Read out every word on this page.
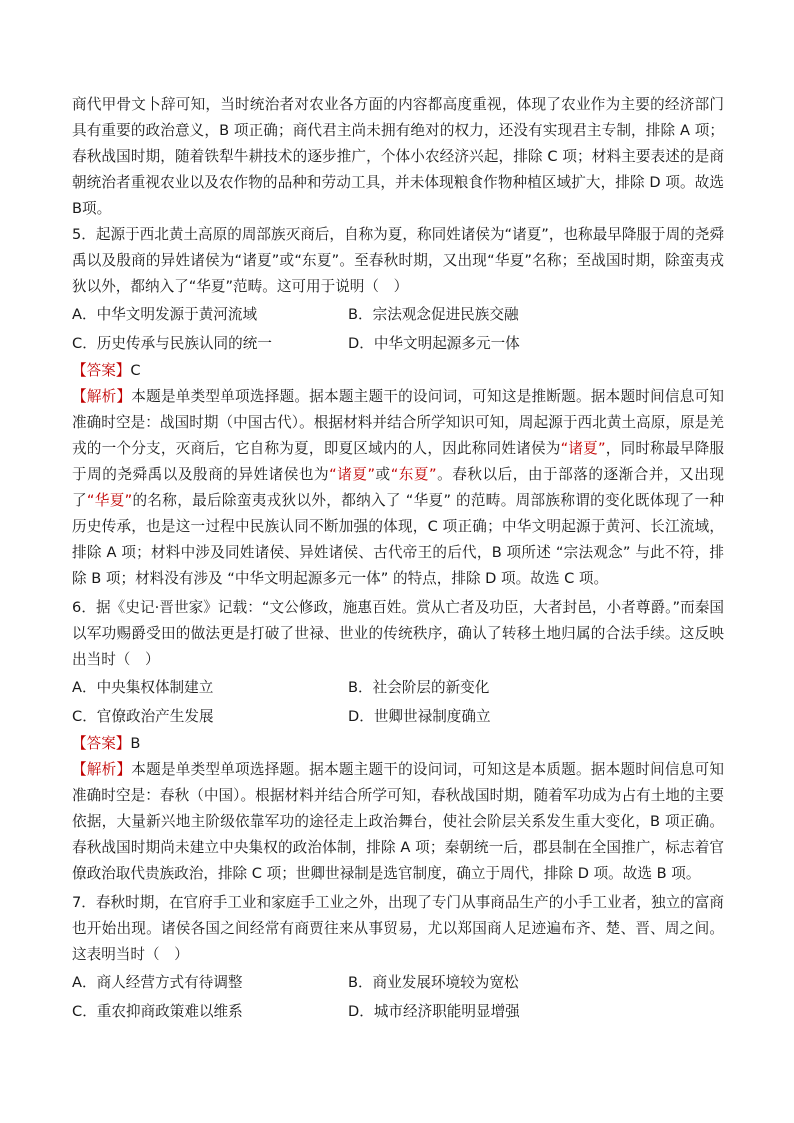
商代甲骨文卜辞可知，当时统治者对农业各方面的内容都高度重视，体现了农业作为主要的经济部门具有重要的政治意义，B 项正确；商代君主尚未拥有绝对的权力，还没有实现君主专制，排除 A 项；春秋战国时期，随着铁犁牛耕技术的逐步推广，个体小农经济兴起，排除 C 项；材料主要表述的是商朝统治者重视农业以及农作物的品种和劳动工具，并未体现粮食作物种植区域扩大，排除 D 项。故选B项。

5．起源于西北黄土高原的周部族灭商后，自称为夏，称同姓诸侯为“诸夏”，也称最早降服于周的尧舜禹以及殷商的异姓诸侯为“诸夏”或“东夏”。至春秋时期，又出现“华夏”名称；至战国时期，除蛮夷戎狄以外，都纳入了“华夏”范畴。这可用于说明（　）

A．中华文明发源于黄河流域	B．宗法观念促进民族交融
C．历史传承与民族认同的统一	D．中华文明起源多元一体

【答案】C

【解析】本题是单类型单项选择题。据本题主题干的设问词，可知这是推断题。据本题时间信息可知准确时空是：战国时期（中国古代）。根据材料并结合所学知识可知，周起源于西北黄土高原，原是羌戎的一个分支，灭商后，它自称为夏，即夏区域内的人，因此称同姓诸侯为“诸夏”，同时称最早降服于周的尧舜禹以及殷商的异姓诸侯也为“诸夏”或“东夏”。春秋以后，由于部落的逐渐合并，又出现了“华夏”的名称，最后除蛮夷戎狄以外，都纳入了 “华夏” 的范畴。周部族称谓的变化既体现了一种历史传承，也是这一过程中民族认同不断加强的体现，C 项正确；中华文明起源于黄河、长江流域，排除 A 项；材料中涉及同姓诸侯、异姓诸侯、古代帝王的后代，B 项所述 “宗法观念” 与此不符，排除 B 项；材料没有涉及 “中华文明起源多元一体” 的特点，排除 D 项。故选 C 项。

6．据《史记·晋世家》记载：“文公修政，施惠百姓。赏从亡者及功臣，大者封邑，小者尊爵。”而秦国以军功赐爵受田的做法更是打破了世禄、世业的传统秩序，确认了转移土地归属的合法手续。这反映出当时（　）

A．中央集权体制建立	B．社会阶层的新变化
C．官僚政治产生发展	D．世卿世禄制度确立

【答案】B

【解析】本题是单类型单项选择题。据本题主题干的设问词，可知这是本质题。据本题时间信息可知准确时空是：春秋（中国）。根据材料并结合所学可知，春秋战国时期，随着军功成为占有土地的主要依据，大量新兴地主阶级依靠军功的途径走上政治舞台，使社会阶层关系发生重大变化，B 项正确。春秋战国时期尚未建立中央集权的政治体制，排除 A 项；秦朝统一后，郡县制在全国推广，标志着官僚政治取代贵族政治，排除 C 项；世卿世禄制是选官制度，确立于周代，排除 D 项。故选 B 项。

7．春秋时期，在官府手工业和家庭手工业之外，出现了专门从事商品生产的小手工业者，独立的富商也开始出现。诸侯各国之间经常有商贾往来从事贸易，尤以郑国商人足迹遍布齐、楚、晋、周之间。这表明当时（　）

A．商人经营方式有待调整	B．商业发展环境较为宽松
C．重农抑商政策难以维系	D．城市经济职能明显增强
